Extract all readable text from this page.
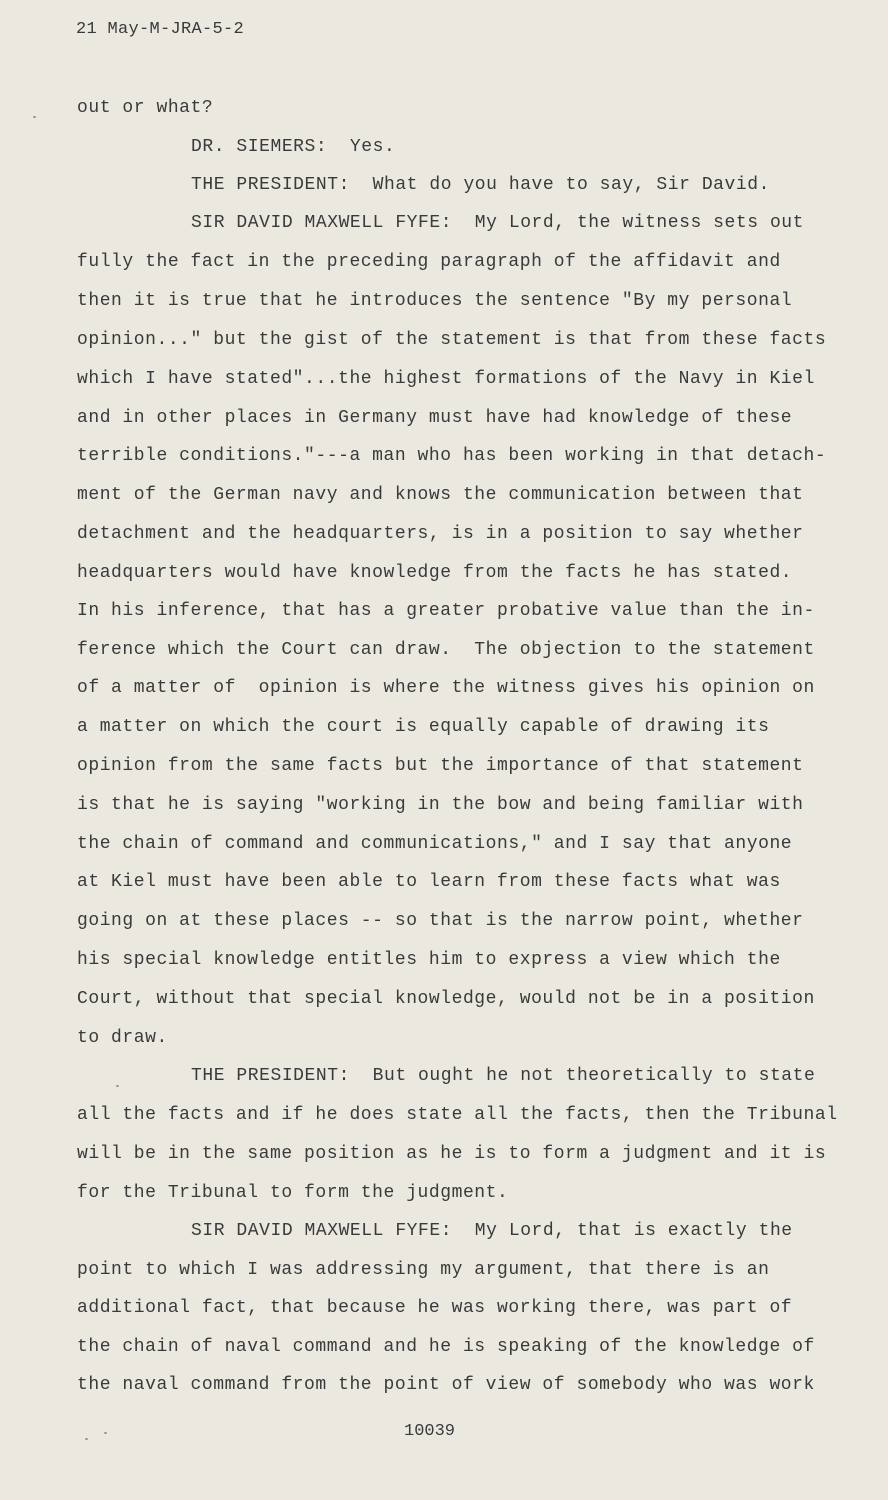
21 May-M-JRA-5-2
out or what?
DR. SIEMERS:  Yes.
THE PRESIDENT:  What do you have to say, Sir David.
SIR DAVID MAXWELL FYFE:  My Lord, the witness sets out
fully the fact in the preceding paragraph of the affidavit and
then it is true that he introduces the sentence "By my personal
opinion..." but the gist of the statement is that from these facts
which I have stated"...the highest formations of the Navy in Kiel
and in other places in Germany must have had knowledge of these
terrible conditions."---a man who has been working in that detach-
ment of the German navy and knows the communication between that
detachment and the headquarters, is in a position to say whether
headquarters would have knowledge from the facts he has stated.
In his inference, that has a greater probative value than the in-
ference which the Court can draw.  The objection to the statement
of a matter of  opinion is where the witness gives his opinion on
a matter on which the court is equally capable of drawing its
opinion from the same facts but the importance of that statement
is that he is saying "working in the bow and being familiar with
the chain of command and communications," and I say that anyone
at Kiel must have been able to learn from these facts what was
going on at these places -- so that is the narrow point, whether
his special knowledge entitles him to express a view which the
Court, without that special knowledge, would not be in a position
to draw.
THE PRESIDENT:  But ought he not theoretically to state
all the facts and if he does state all the facts, then the Tribunal
will be in the same position as he is to form a judgment and it is
for the Tribunal to form the judgment.
SIR DAVID MAXWELL FYFE:  My Lord, that is exactly the
point to which I was addressing my argument, that there is an
additional fact, that because he was working there, was part of
the chain of naval command and he is speaking of the knowledge of
the naval command from the point of view of somebody who was work
10039
